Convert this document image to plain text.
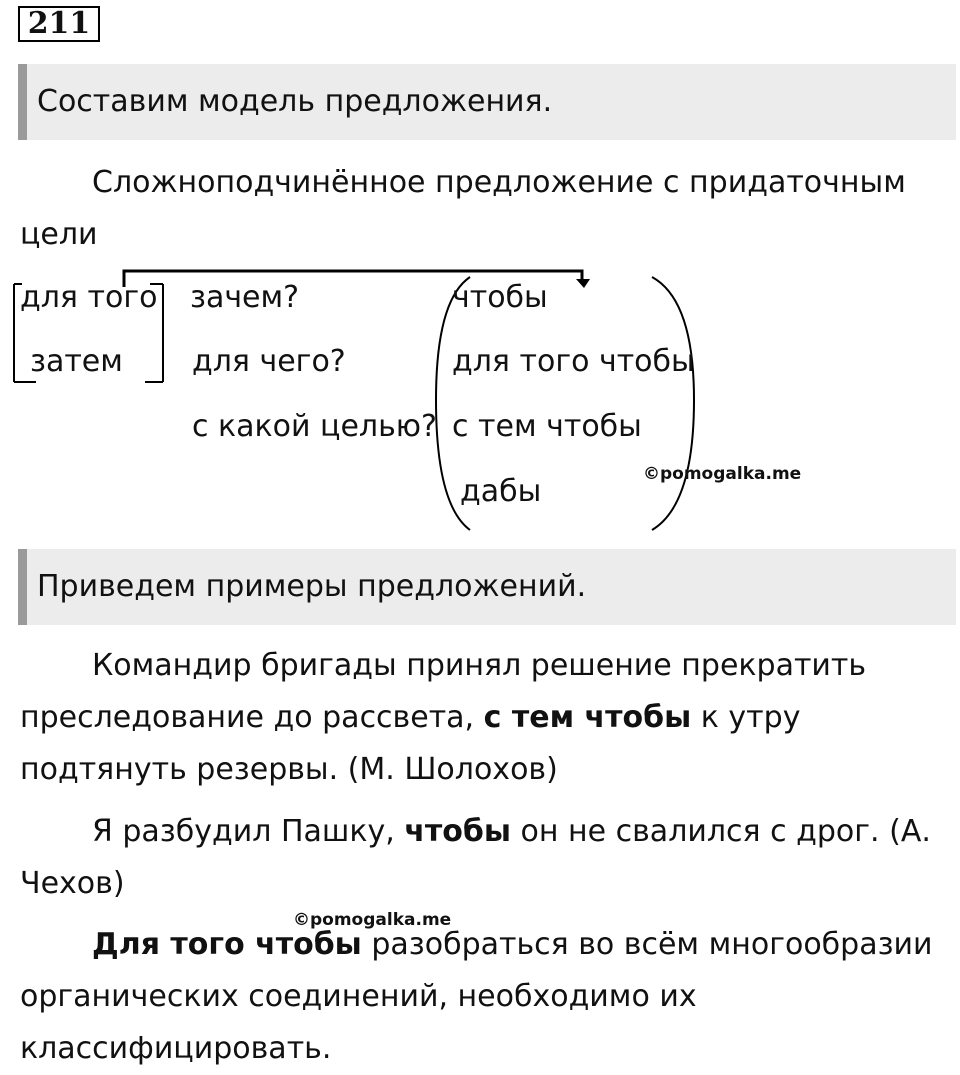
211
Составим модель предложения.

Сложноподчинённое предложение с придаточным цели

для того
затем
зачем?
для чего?
с какой целью?
чтобы
для того чтобы
с тем чтобы
дабы	©pomogalka.me
Приведем примеры предложений.

Командир бригады принял решение прекратить преследование до рассвета, с тем чтобы к утру подтянуть резервы. (М. Шолохов)

Я разбудил Пашку, чтобы он не свалился с дрог. (А. Чехов)

©pomogalka.me

Для того чтобы разобраться во всём многообразии органических соединений, необходимо их классифицировать.
